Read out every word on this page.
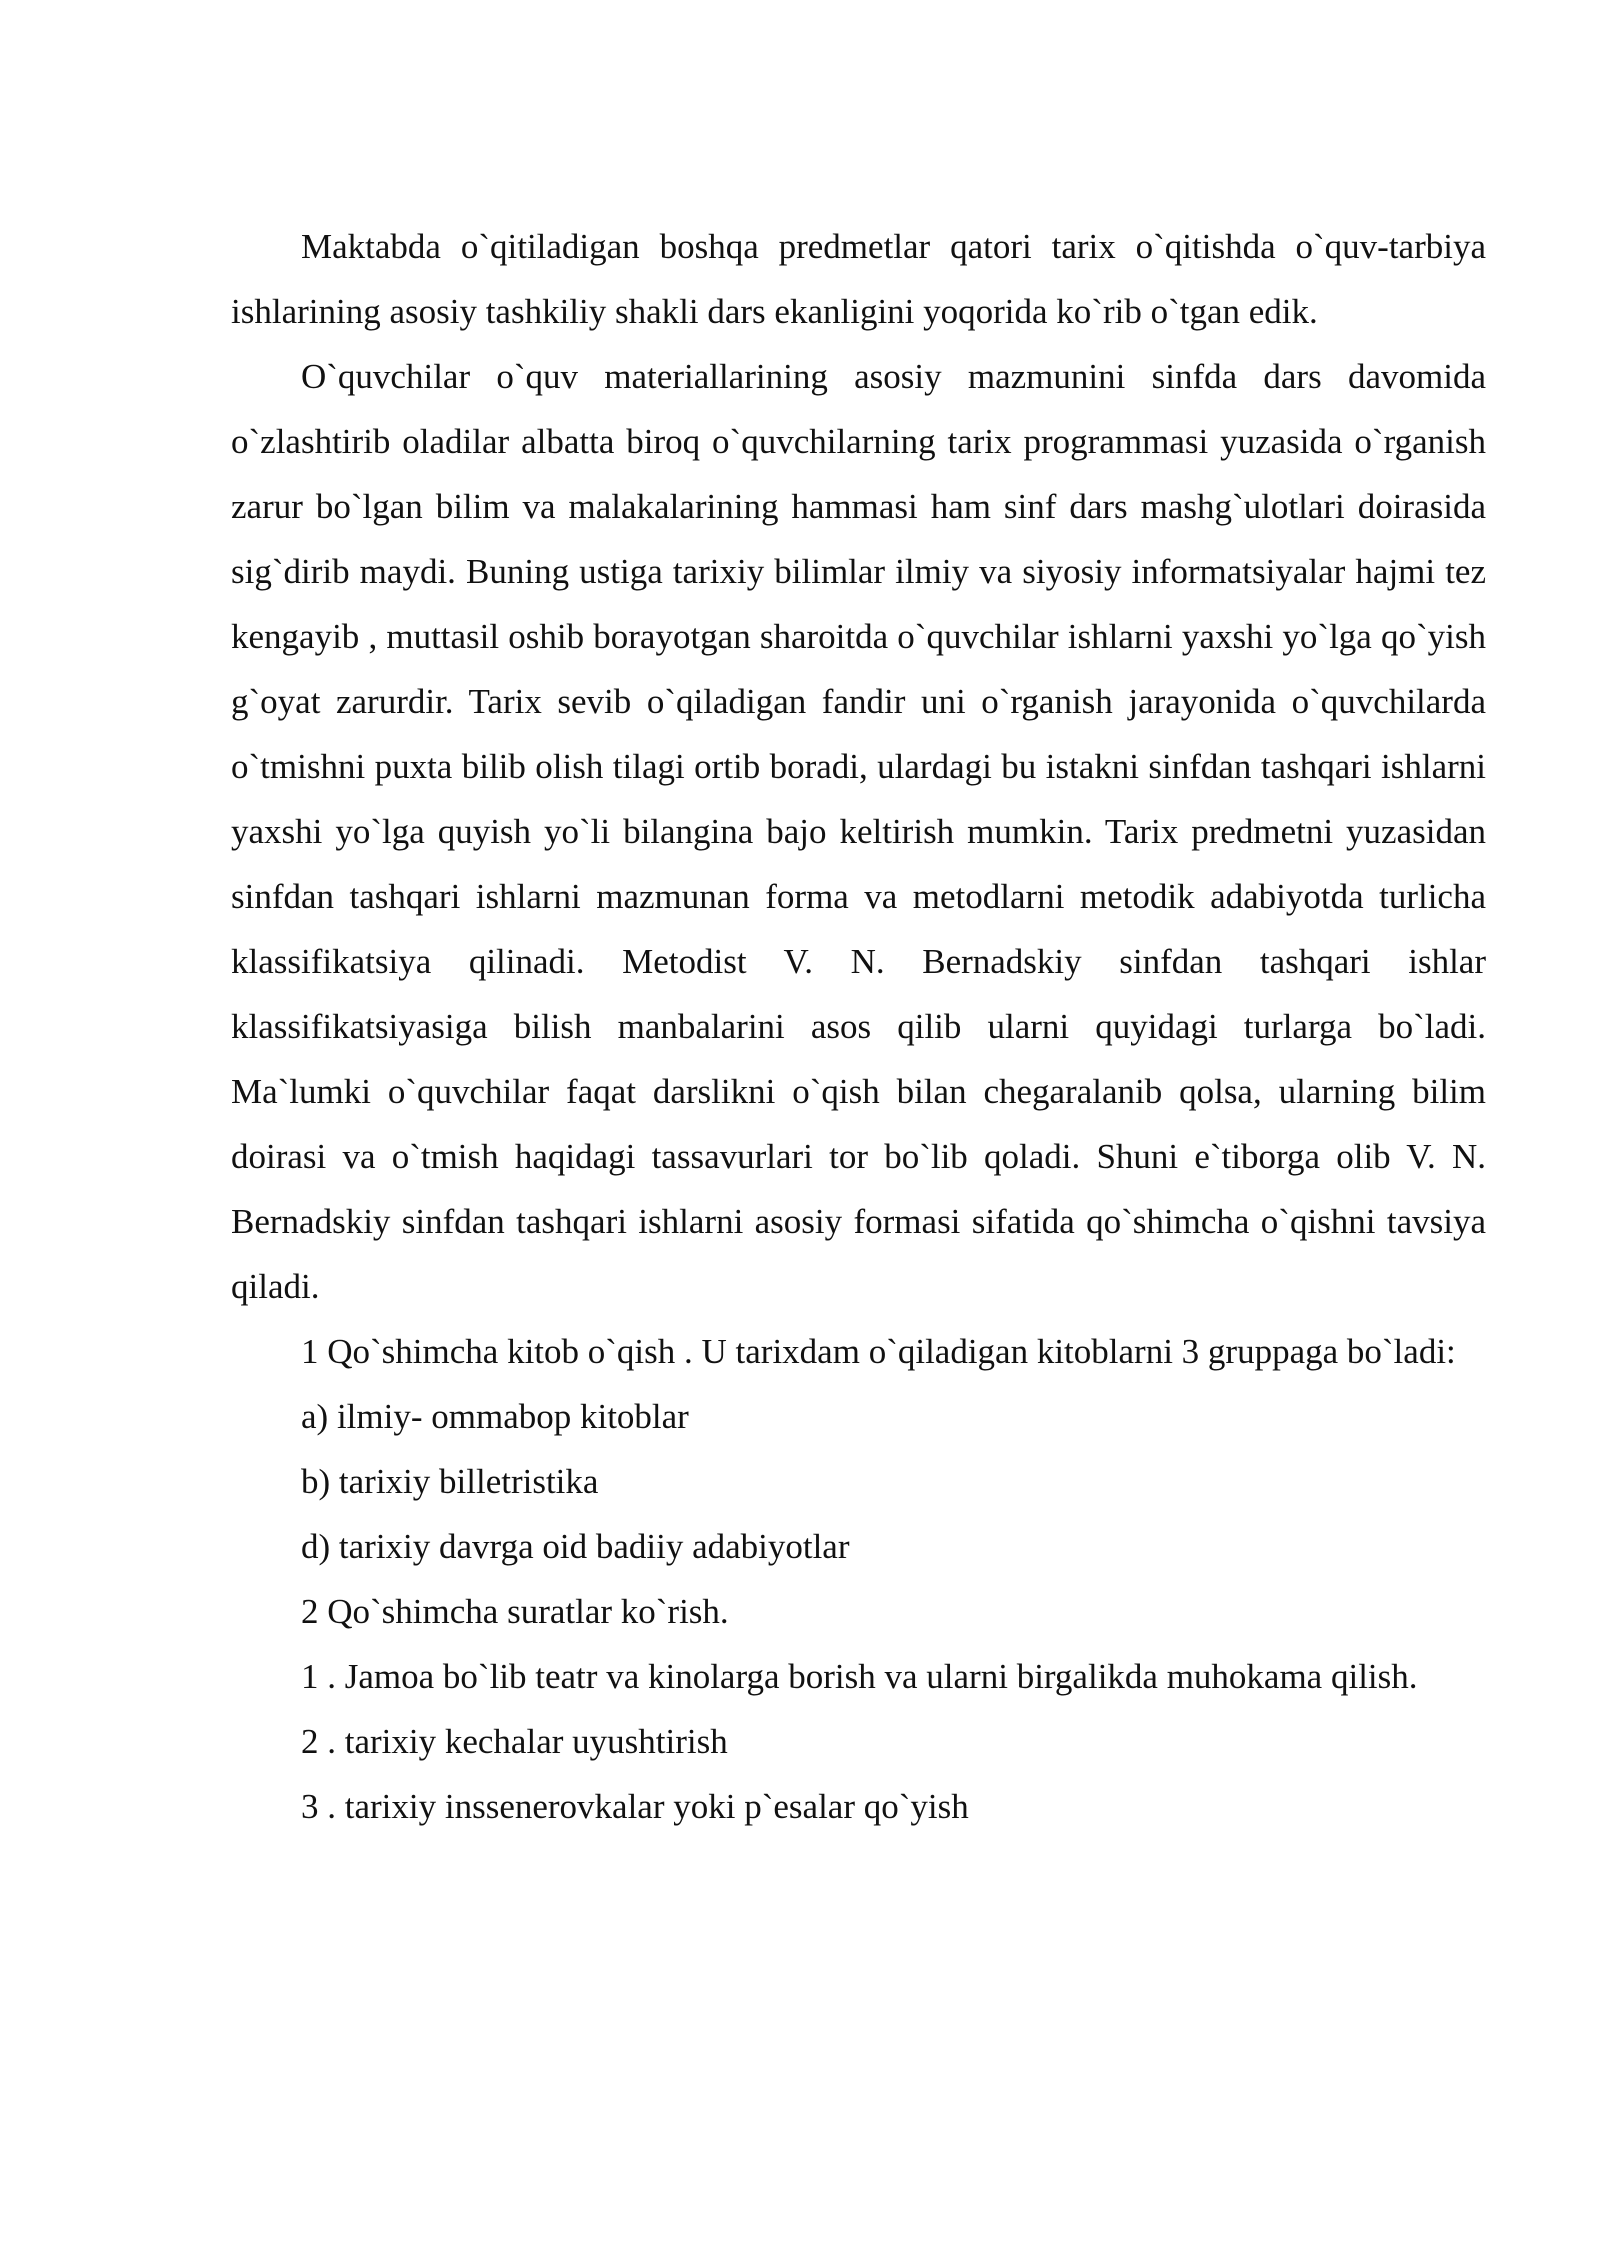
Maktabda o`qitiladigan boshqa predmetlar qatori tarix o`qitishda o`quv-tarbiya ishlarining asosiy tashkiliy shakli dars ekanligini yoqorida ko`rib o`tgan edik.

O`quvchilar o`quv materiallarining asosiy mazmunini sinfda dars davomida o`zlashtirib oladilar albatta biroq o`quvchilarning tarix programmasi yuzasida o`rganish zarur bo`lgan bilim va malakalarining hammasi ham sinf dars mashg`ulotlari doirasida sig`dirib maydi. Buning ustiga tarixiy bilimlar ilmiy va siyosiy informatsiyalar hajmi tez kengayib , muttasil oshib borayotgan sharoitda o`quvchilar ishlarni yaxshi yo`lga qo`yish g`oyat zarurdir. Tarix sevib o`qiladigan fandir uni o`rganish jarayonida o`quvchilarda o`tmishni puxta bilib olish tilagi ortib boradi, ulardagi bu istakni sinfdan tashqari ishlarni yaxshi yo`lga quyish yo`li bilangina bajo keltirish mumkin. Tarix predmetni yuzasidan sinfdan tashqari ishlarni mazmunan forma va metodlarni metodik adabiyotda turlicha klassifikatsiya qilinadi. Metodist V. N. Bernadskiy sinfdan tashqari ishlar klassifikatsiyasiga bilish manbalarini asos qilib ularni quyidagi turlarga bo`ladi. Ma`lumki o`quvchilar faqat darslikni o`qish bilan chegaralanib qolsa, ularning bilim doirasi va o`tmish haqidagi tassavurlari tor bo`lib qoladi. Shuni e`tiborga olib V. N. Bernadskiy sinfdan tashqari ishlarni asosiy formasi sifatida qo`shimcha o`qishni tavsiya qiladi.

1 Qo`shimcha kitob o`qish . U tarixdam o`qiladigan kitoblarni 3 gruppaga bo`ladi:

a) ilmiy- ommabop kitoblar

b) tarixiy billetristika

d) tarixiy davrga oid badiiy adabiyotlar

2 Qo`shimcha suratlar ko`rish.

1 . Jamoa bo`lib teatr va kinolarga borish va ularni birgalikda muhokama qilish.

2 . tarixiy kechalar uyushtirish

3 . tarixiy inssenerovkalar yoki p`esalar qo`yish
